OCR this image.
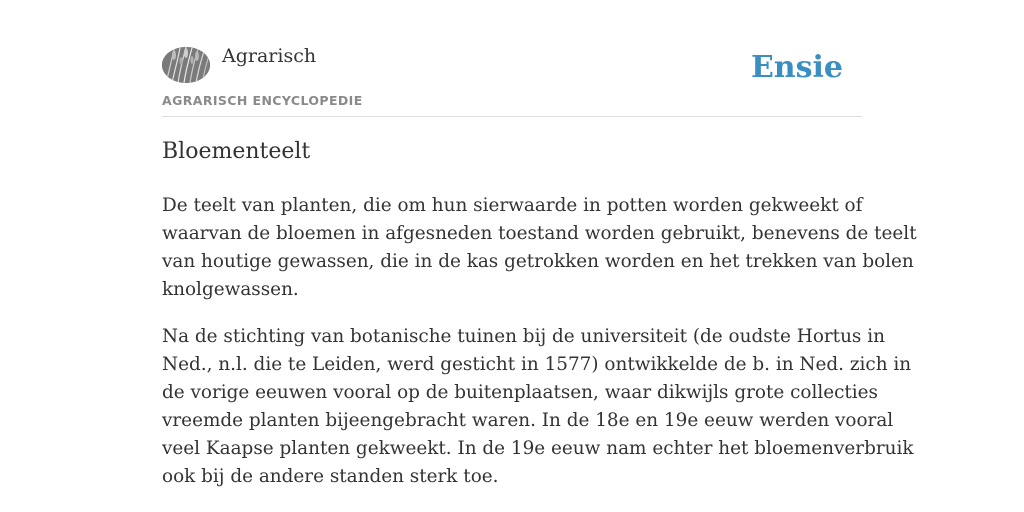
Agrarisch
AGRARISCH ENCYCLOPEDIE
Ensie
Bloementeelt

De teelt van planten, die om hun sierwaarde in potten worden gekweekt of
waarvan de bloemen in afgesneden toestand worden gebruikt, benevens de teelt
van houtige gewassen, die in de kas getrokken worden en het trekken van bolen
knolgewassen.

Na de stichting van botanische tuinen bij de universiteit (de oudste Hortus in
Ned., n.l. die te Leiden, werd gesticht in 1577) ontwikkelde de b. in Ned. zich in
de vorige eeuwen vooral op de buitenplaatsen, waar dikwijls grote collecties
vreemde planten bijeengebracht waren. In de 18e en 19e eeuw werden vooral
veel Kaapse planten gekweekt. In de 19e eeuw nam echter het bloemenverbruik
ook bij de andere standen sterk toe.
